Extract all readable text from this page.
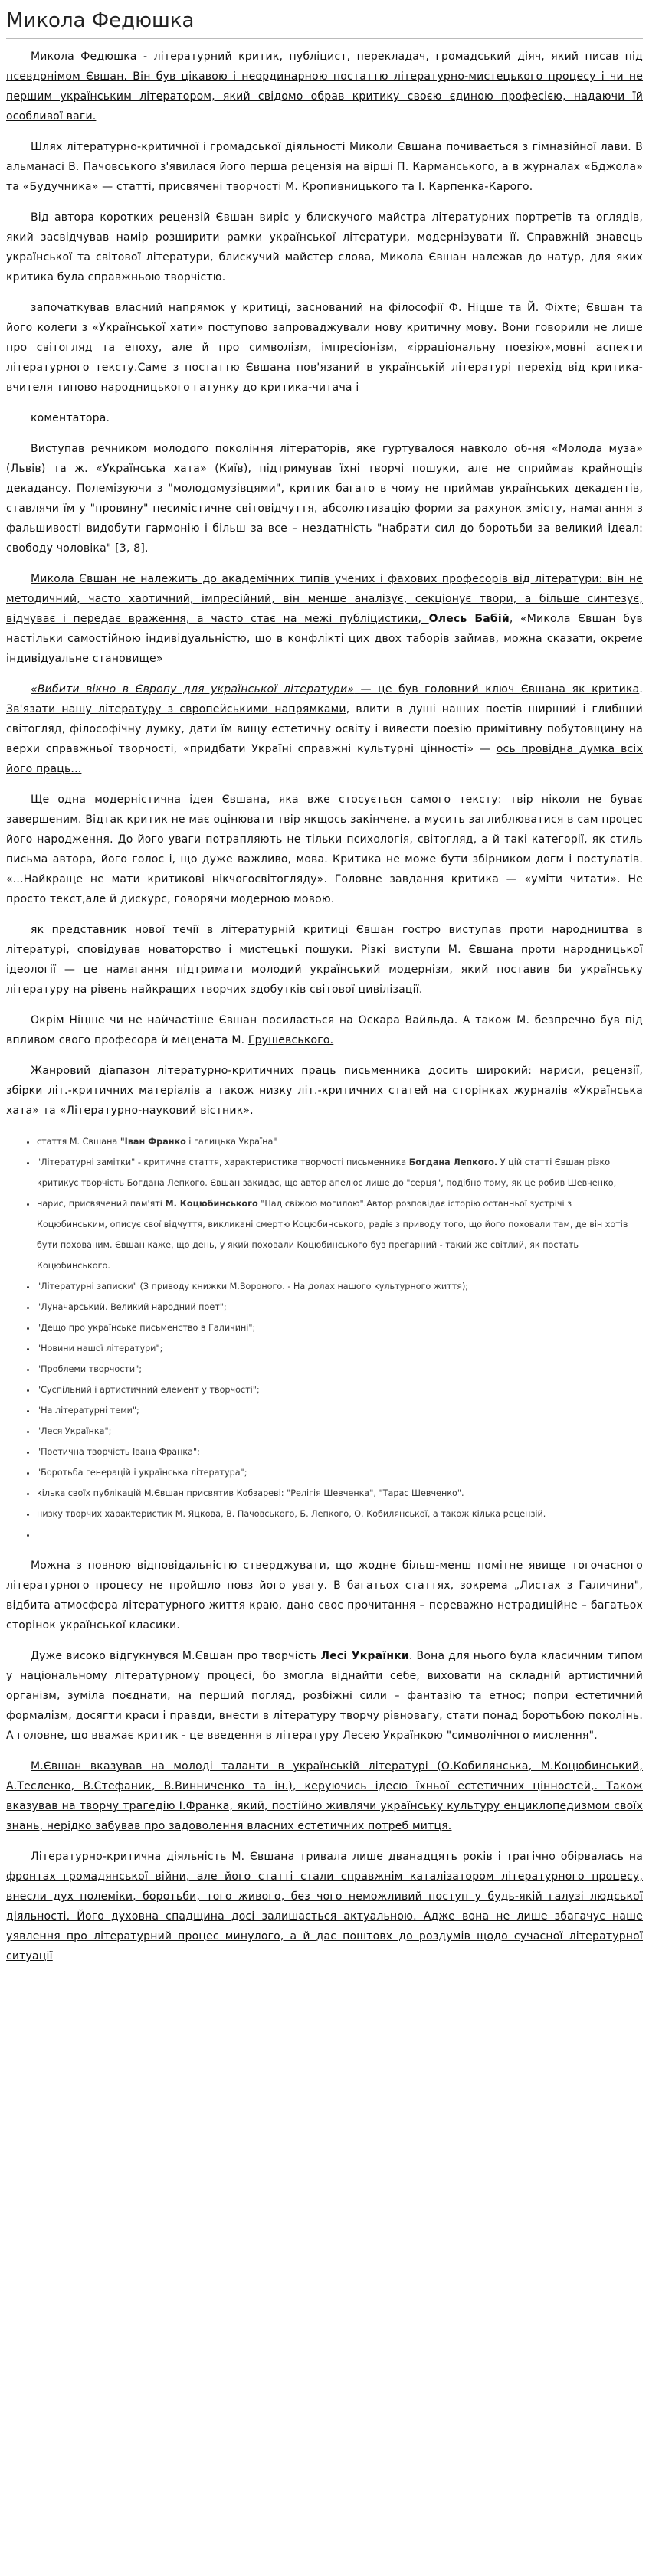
Микола Федюшка

Микола Федюшка - літературний критик, публіцист, перекладач, громадський діяч, який писав під псевдонімом Євшан. Він був цікавою і неординарною постаттю літературно-мистецького процесу і чи не першим українським літератором, який свідомо обрав критику своєю єдиною професією, надаючи їй особливої ваги.

Шлях літературно-критичної і громадської діяльності Миколи Євшана почивається з гімназійної лави. В альманасі В. Пачовського з'явилася його перша рецензія на вірші П. Карманського, а в журналах «Бджола» та «Будучника» — статті, присвячені творчості М. Кропивницького та І. Карпенка-Карого.

Від автора коротких рецензій Євшан виріс у блискучого майстра літературних портретів та оглядів, який засвідчував намір розширити рамки української літератури, модернізувати її. Справжній знавець української та світової літератури, блискучий майстер слова, Микола Євшан належав до натур, для яких критика була справжньою творчістю.

започаткував власний напрямок у критиці, заснований на філософії Ф. Ніцше та Й. Фіхте; Євшан та його колеги з «Української хати» поступово запроваджували нову критичну мову. Вони говорили не лише про світогляд та епоху, але й про символізм, імпресіонізм, «ірраціональну поезію»,мовні аспекти літературного тексту.Саме з постаттю Євшана пов'язаний в українській літературі перехід від критика-вчителя типово народницького гатунку до критика-читача і

коментатора.

Виступав речником молодого покоління літераторів, яке гуртувалося навколо об-ня «Молода муза» (Львів) та ж. «Українська хата» (Київ), підтримував їхні творчі пошуки, але не сприймав крайнощів декадансу. Полемізуючи з "молодомузівцями", критик багато в чому не приймав українських декадентів, ставлячи їм у "провину" песимістичне світовідчуття, абсолютизацію форми за рахунок змісту, намагання з фальшивості видобути гармонію і більш за все – нездатність "набрати сил до боротьби за великий ідеал: свободу чоловіка" [3, 8].

Микола Євшан не належить до академічних типів учених і фахових професорів від літератури: він не методичний, часто хаотичний, імпресійний, він менше аналізує, секціонує твори, а більше синтезує, відчуває і передає враження, а часто стає на межі публіцистики, Олесь Бабій, «Микола Євшан був настільки самостійною індивідуальністю, що в конфлікті цих двох таборів займав, можна сказати, окреме індивідуальне становище»

«Вибити вікно в Європу для української літератури» — це був головний ключ Євшана як критика. Зв'язати нашу літературу з європейськими напрямками, влити в душі наших поетів ширший і глибший світогляд, філософічну думку, дати їм вищу естетичну освіту і вивести поезію примітивну побутовщину на верхи справжньої творчості, «придбати Україні справжні культурні цінності» — ось провідна думка всіх його праць...

Ще одна модерністична ідея Євшана, яка вже стосується самого тексту: твір ніколи не буває завершеним. Відтак критик не має оцінювати твір якщось закінчене, а мусить заглиблюватися в сам процес його народження. До його уваги потрапляють не тільки психологія, світогляд, а й такі категорії, як стиль письма автора, його голос і, що дуже важливо, мова. Критика не може бути збірником догм і постулатів. «...Найкраще не мати критикові нікчогосвітогляду». Головне завдання критика — «уміти читати». Не просто текст,але й дискурс, говорячи модерною мовою.

як представник нової течії в літературній критиці Євшан гостро виступав проти народництва в літературі, сповідував новаторство і мистецькі пошуки. Різкі виступи М. Євшана проти народницької ідеології — це намагання підтримати молодий український модернізм, який поставив би українську літературу на рівень найкращих творчих здобутків світової цивілізації.

Окрім Ніцше чи не найчастіше Євшан посилається на Оскара Вайльда. А також М. безпречно був під впливом свого професора й мецената М. Грушевського.

Жанровий діапазон літературно-критичних праць письменника досить широкий: нариси, рецензії, збірки літ.-критичних матеріалів а також низку літ.-критичних статей на сторінках журналів «Українська хата» та «Літературно-науковий вістник».

• стаття М. Євшана "Іван Франко і галицька Україна"
• "Літературні замітки" - критична стаття, характеристика творчості письменника Богдана Лепкого. У цій статті Євшан різко критикує творчість Богдана Лепкого. Євшан закидає, що автор апелює лише до "серця", подібно тому, як це робив Шевченко,
• нарис, присвячений пам'яті М. Коцюбинського "Над свіжою могилою".Автор розповідає історію останньої зустрічі з Коцюбинським, описує свої відчуття, викликані смертю Коцюбинського, радіє з приводу того, що його поховали там, де він хотів бути похованим. Євшан каже, що день, у який поховали Коцюбинського був прегарний - такий же світлий, як постать Коцюбинського.
• "Літературні записки" (З приводу книжки М.Вороного. - На долах нашого культурного життя);
• "Луначарський. Великий народний поет";
• "Дещо про українське письменство в Галичині";
• "Новини нашої літератури";
• "Проблеми творчости";
• "Суспільний і артистичний елемент у творчості";
• "На літературні теми";
• "Леся Українка";
• "Поетична творчість Івана Франка";
• "Боротьба генерацій і українська література";
• кілька своїх публікацій М.Євшан присвятив Кобзареві: "Релігія Шевченка", "Тарас Шевченко".
• низку творчих характеристик М. Яцкова, В. Пачовського, Б. Лепкого, О. Кобилянської, а також кілька рецензій.
•

Можна з повною відповідальністю стверджувати, що жодне більш-менш помітне явище тогочасного літературного процесу не пройшло повз його увагу. В багатьох статтях, зокрема „Листах з Галичини", відбита атмосфера літературного життя краю, дано своє прочитання – переважно нетрадиційне – багатьох сторінок української класики.

Дуже високо відгукнувся М.Євшан про творчість Лесі Українки. Вона для нього була класичним типом у національному літературному процесі, бо змогла віднайти себе, виховати на складній артистичний організм, зуміла поєднати, на перший погляд, розбіжні сили – фантазію та етнос; попри естетичний формалізм, досягти краси і правди, внести в літературу творчу рівновагу, стати понад боротьбою поколінь. А головне, що вважає критик - це введення в літературу Лесею Українкою "символічного мислення".

М.Євшан вказував на молоді таланти в українській літературі (О.Кобилянська, М.Коцюбинський, А.Тесленко, В.Стефаник, В.Винниченко та ін.), керуючись ідеєю їхньої естетичних цінностей,. Також вказував на творчу трагедію І.Франка, який, постійно живлячи українську культуру енциклопедизмом своїх знань, нерідко забував про задоволення власних естетичних потреб митця.

Літературно-критична діяльність М. Євшана тривала лише дванадцять років і трагічно обірвалась на фронтах громадянської війни, але його статті стали справжнім каталізатором літературного процесу, внесли дух полеміки, боротьби, того живого, без чого неможливий поступ у будь-якій галузі людської діяльності. Його духовна спадщина досі залишається актуальною. Адже вона не лише збагачує наше уявлення про літературний процес минулого, а й дає поштовх до роздумів щодо сучасної літературної ситуації
